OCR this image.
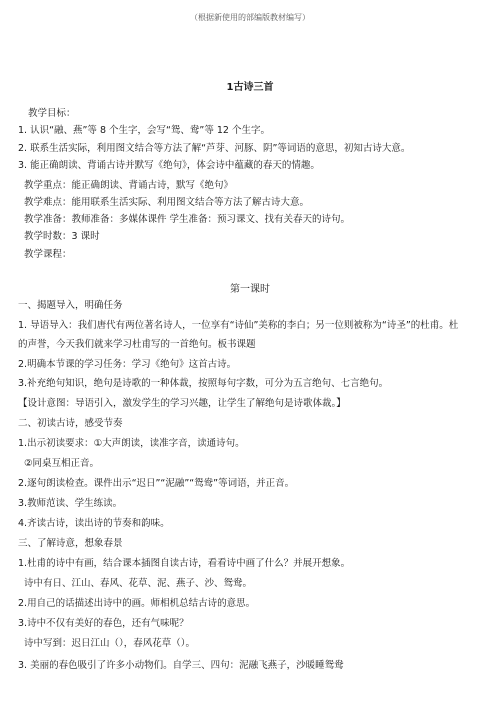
（根据新使用的部编版教材编写）
1古诗三首
教学目标：
1. 认识“融、燕”等 8 个生字，会写“鸳、鸯”等 12 个生字。
2. 联系生活实际，利用图文结合等方法了解“芦芽、河豚、阴”等词语的意思，初知古诗大意。
3. 能正确朗读、背诵古诗并默写《绝句》，体会诗中蕴藏的春天的情趣。
教学重点：能正确朗读、背诵古诗，默写《绝句》
教学难点：能用联系生活实际、利用图文结合等方法了解古诗大意。
教学准备：教师准备：多媒体课件 学生准备：预习课文、找有关春天的诗句。
教学时数：3 课时
教学课程：
第一课时
一、揭题导入，明确任务
1. 导语导入：我们唐代有两位著名诗人，一位享有“诗仙”美称的李白；另一位则被称为“诗圣”的杜甫。杜
的声誉，今天我们就来学习杜甫写的一首绝句。板书课题
2.明确本节课的学习任务：学习《绝句》这首古诗。
3.补充绝句知识，绝句是诗歌的一种体裁，按照每句字数，可分为五言绝句、七言绝句。
【设计意图：导语引入，激发学生的学习兴趣，让学生了解绝句是诗歌体裁。】
二、初读古诗，感受节奏
1.出示初读要求：①大声朗读，读准字音，读通诗句。
②同桌互相正音。
2.逐句朗读检查。课件出示“迟日”“泥融”“鸳鸯”等词语，并正音。
3.教师范读、学生练读。
4.齐读古诗，读出诗的节奏和韵味。
三、了解诗意，想象春景
1.杜甫的诗中有画，结合课本插图自读古诗，看看诗中画了什么？并展开想象。
诗中有日、江山、春风、花草、泥、燕子、沙、鸳鸯。
2.用自己的话描述出诗中的画。师相机总结古诗的意思。
3.诗中不仅有美好的春色，还有气味呢？
诗中写到：迟日江山（），春风花草（）。
3. 美丽的春色吸引了许多小动物们。自学三、四句：泥融飞燕子，沙暖睡鸳鸯
